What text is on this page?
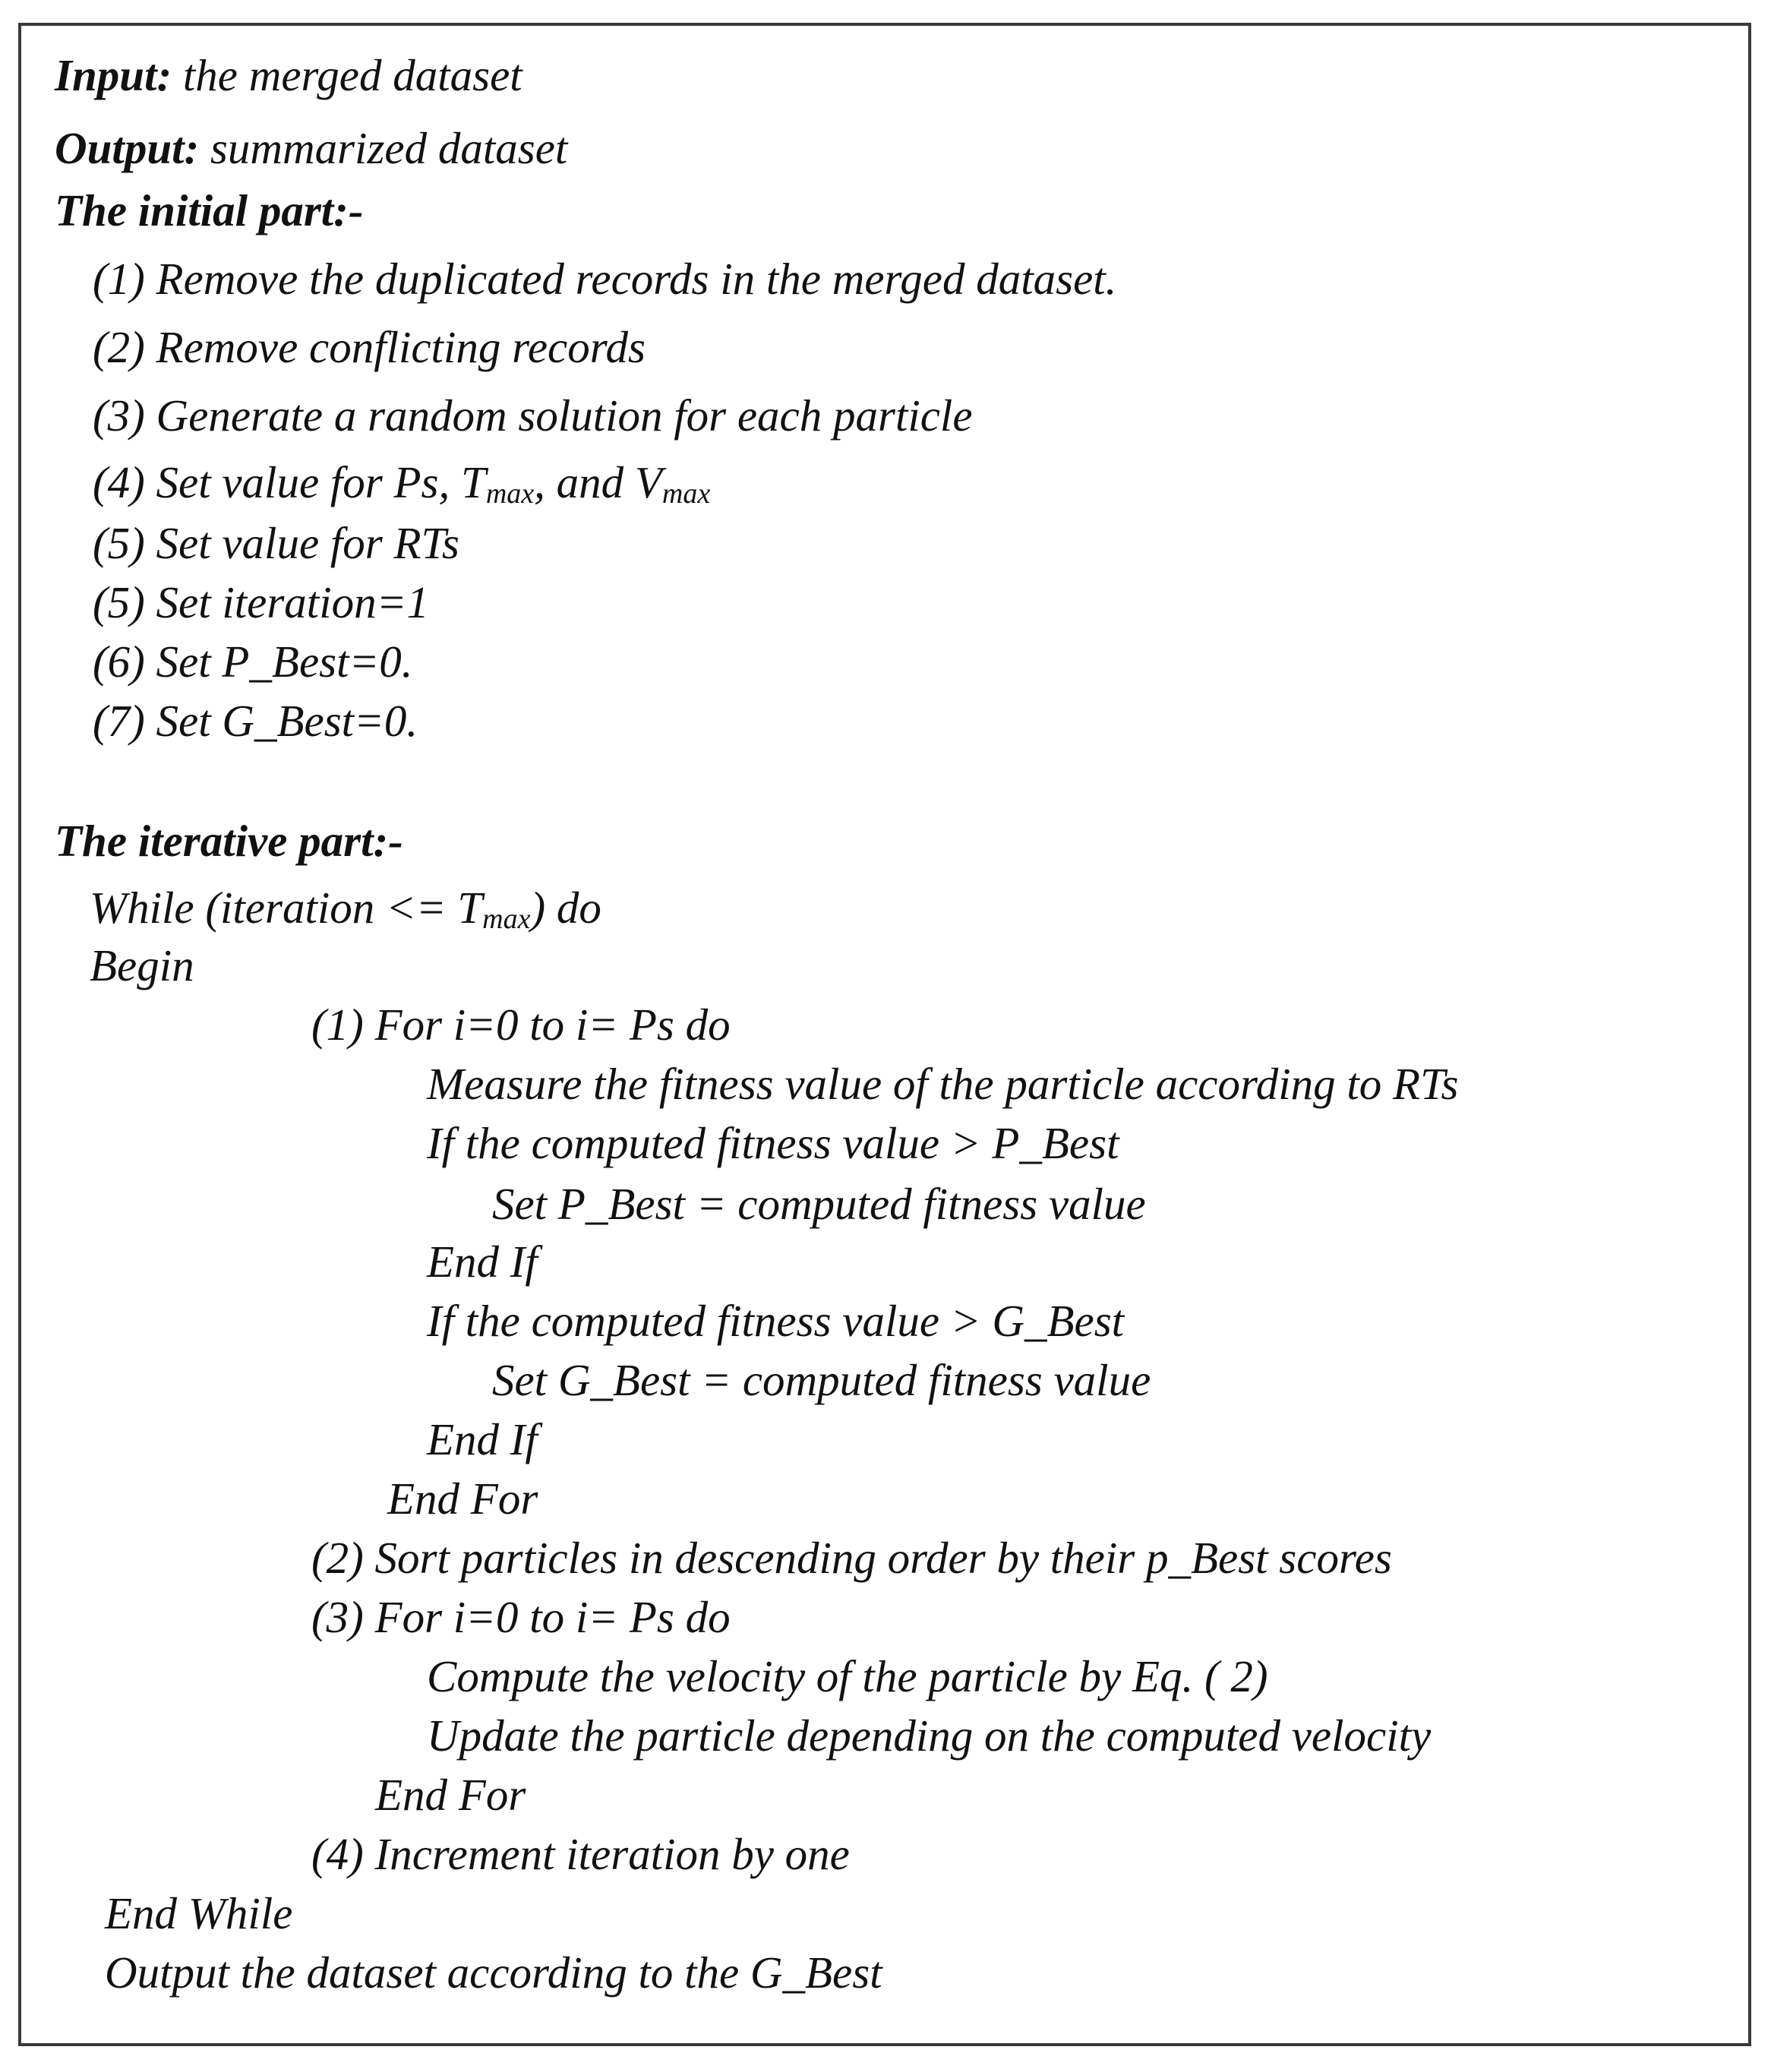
Input: the merged dataset
Output: summarized dataset
The initial part:-
(1) Remove the duplicated records in the merged dataset.
(2) Remove conflicting records
(3) Generate a random solution for each particle
(4) Set value for Ps, $T_{max}$, and $V_{max}$
(5) Set value for RTs
(5) Set iteration=1
(6) Set P_Best=0.
(7) Set G_Best=0.
The iterative part:-
While (iteration <= $T_{max}$) do
Begin
(1) For i=0 to i= Ps do
Measure the fitness value of the particle according to RTs
If the computed fitness value > P_Best
Set P_Best = computed fitness value
End If
If the computed fitness value > G_Best
Set G_Best = computed fitness value
End If
End For
(2) Sort particles in descending order by their p_Best scores
(3) For i=0 to i= Ps do
Compute the velocity of the particle by Eq. ( 2)
Update the particle depending on the computed velocity
End For
(4) Increment iteration by one
End While
Output the dataset according to the G_Best
